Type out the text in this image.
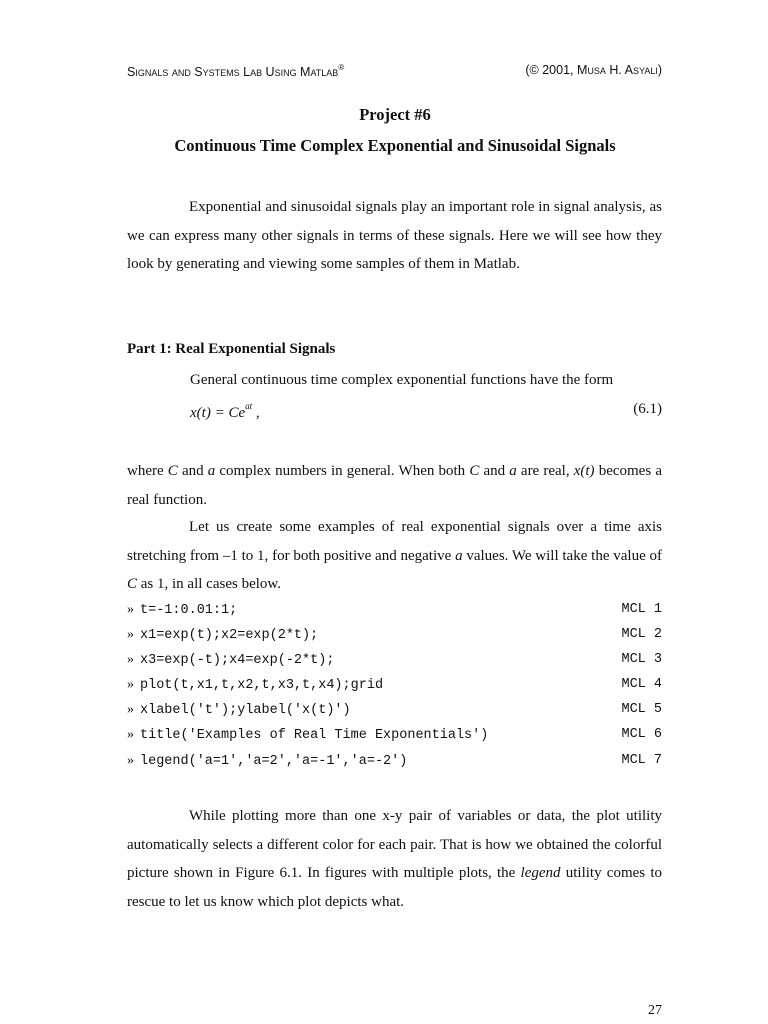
Signals and Systems Lab Using Matlab®	(© 2001, Musa H. Asyali)
Project #6
Continuous Time Complex Exponential and Sinusoidal Signals
Exponential and sinusoidal signals play an important role in signal analysis, as we can express many other signals in terms of these signals. Here we will see how they look by generating and viewing some samples of them in Matlab.
Part 1: Real Exponential Signals
General continuous time complex exponential functions have the form
$x(t) = Ce^{at}$ ,	(6.1)
where C and a complex numbers in general. When both C and a are real, x(t) becomes a real function.
Let us create some examples of real exponential signals over a time axis stretching from –1 to 1, for both positive and negative a values. We will take the value of C as 1, in all cases below.
» t=-1:0.01:1;	MCL 1
» x1=exp(t);x2=exp(2*t);	MCL 2
» x3=exp(-t);x4=exp(-2*t);	MCL 3
» plot(t,x1,t,x2,t,x3,t,x4);grid	MCL 4
» xlabel('t');ylabel('x(t)')	MCL 5
» title('Examples of Real Time Exponentials')	MCL 6
» legend('a=1','a=2','a=-1','a=-2')	MCL 7
While plotting more than one x-y pair of variables or data, the plot utility automatically selects a different color for each pair. That is how we obtained the colorful picture shown in Figure 6.1. In figures with multiple plots, the legend utility comes to rescue to let us know which plot depicts what.
27
